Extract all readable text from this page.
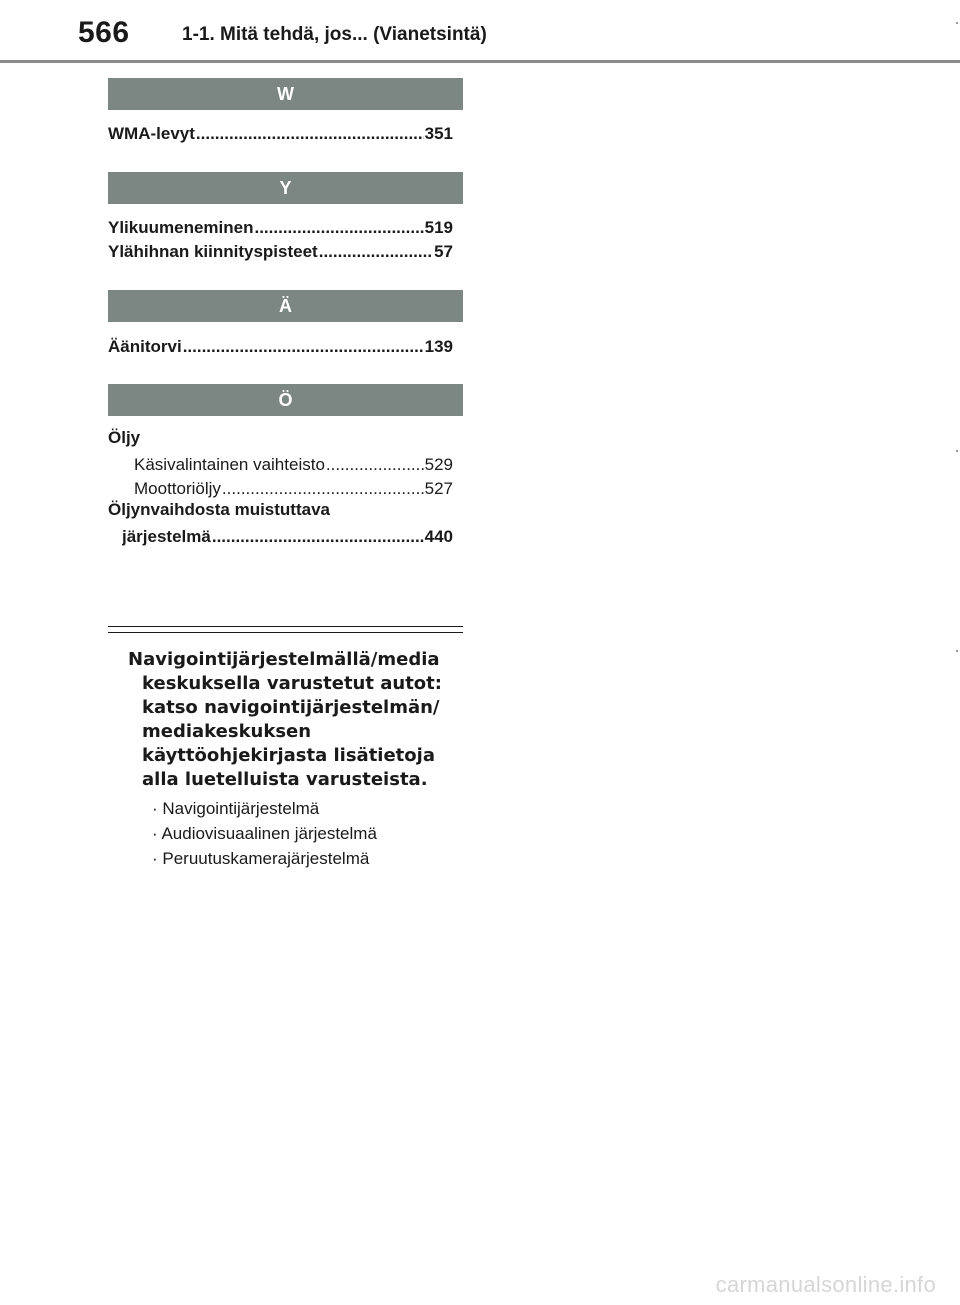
566	1-1. Mitä tehdä, jos... (Vianetsintä)
W
WMA-levyt .....	351
Y
Ylikuumeneminen .....	519
Ylähihnan kiinnityspisteet .....	57
Ä
Äänitorvi .....	139
Ö
Öljy
Käsivalintainen vaihteisto .....	529
Moottoriöljy .....	527
Öljynvaihdosta muistuttava
järjestelmä .....	440
Navigointijärjestelmällä/media
keskuksella varustetut autot:
katso navigointijärjestelmän/
mediakeskuksen
käyttöohjekirjasta lisätietoja
alla luetelluista varusteista.
· Navigointijärjestelmä
· Audiovisuaalinen järjestelmä
· Peruutuskamerajärjestelmä
carmanualsonline.info
